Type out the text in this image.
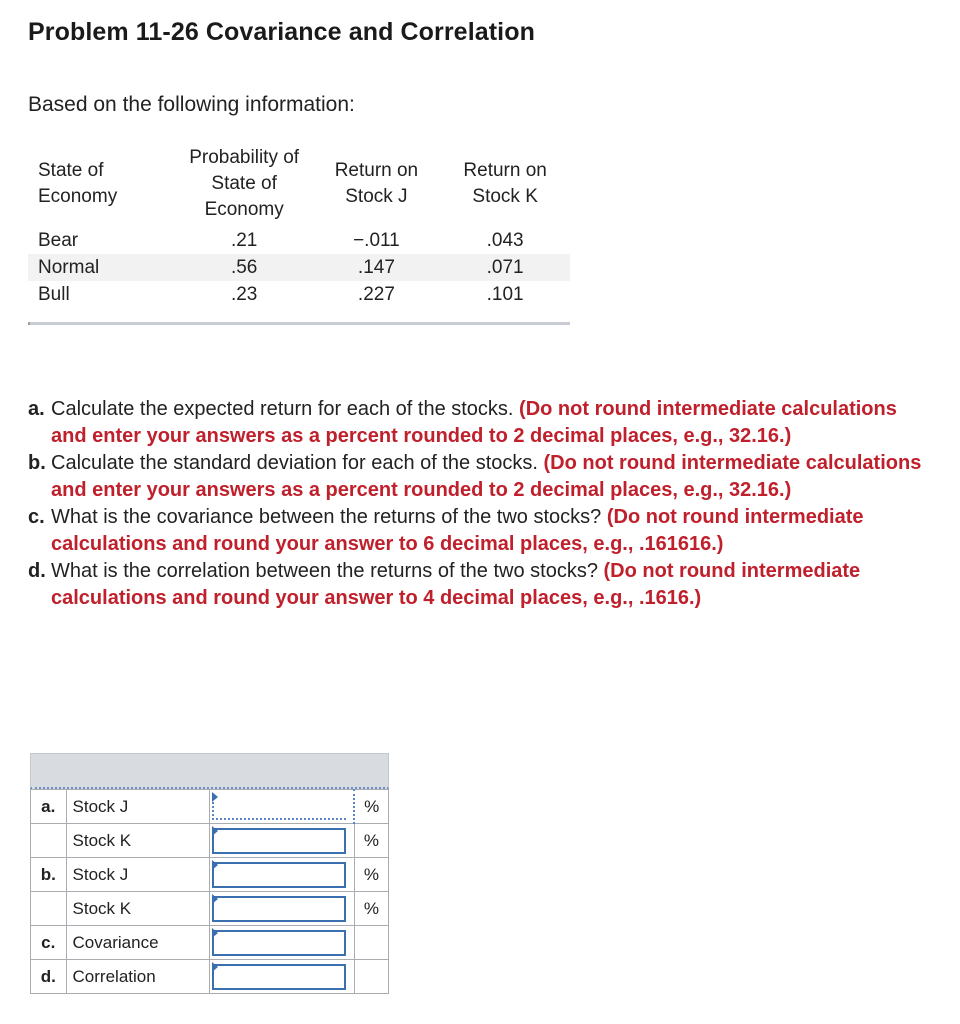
Problem 11-26 Covariance and Correlation
Based on the following information:
State of Economy	Probability of State of Economy	Return on Stock J	Return on Stock K
Bear	.21	−.011	.043
Normal	.56	.147	.071
Bull	.23	.227	.101
a. Calculate the expected return for each of the stocks. (Do not round intermediate calculations and enter your answers as a percent rounded to 2 decimal places, e.g., 32.16.)
b. Calculate the standard deviation for each of the stocks. (Do not round intermediate calculations and enter your answers as a percent rounded to 2 decimal places, e.g., 32.16.)
c. What is the covariance between the returns of the two stocks? (Do not round intermediate calculations and round your answer to 6 decimal places, e.g., .161616.)
d. What is the correlation between the returns of the two stocks? (Do not round intermediate calculations and round your answer to 4 decimal places, e.g., .1616.)
a.	Stock J		%
	Stock K		%
b.	Stock J		%
	Stock K		%
c.	Covariance	

d.	Correlation	
